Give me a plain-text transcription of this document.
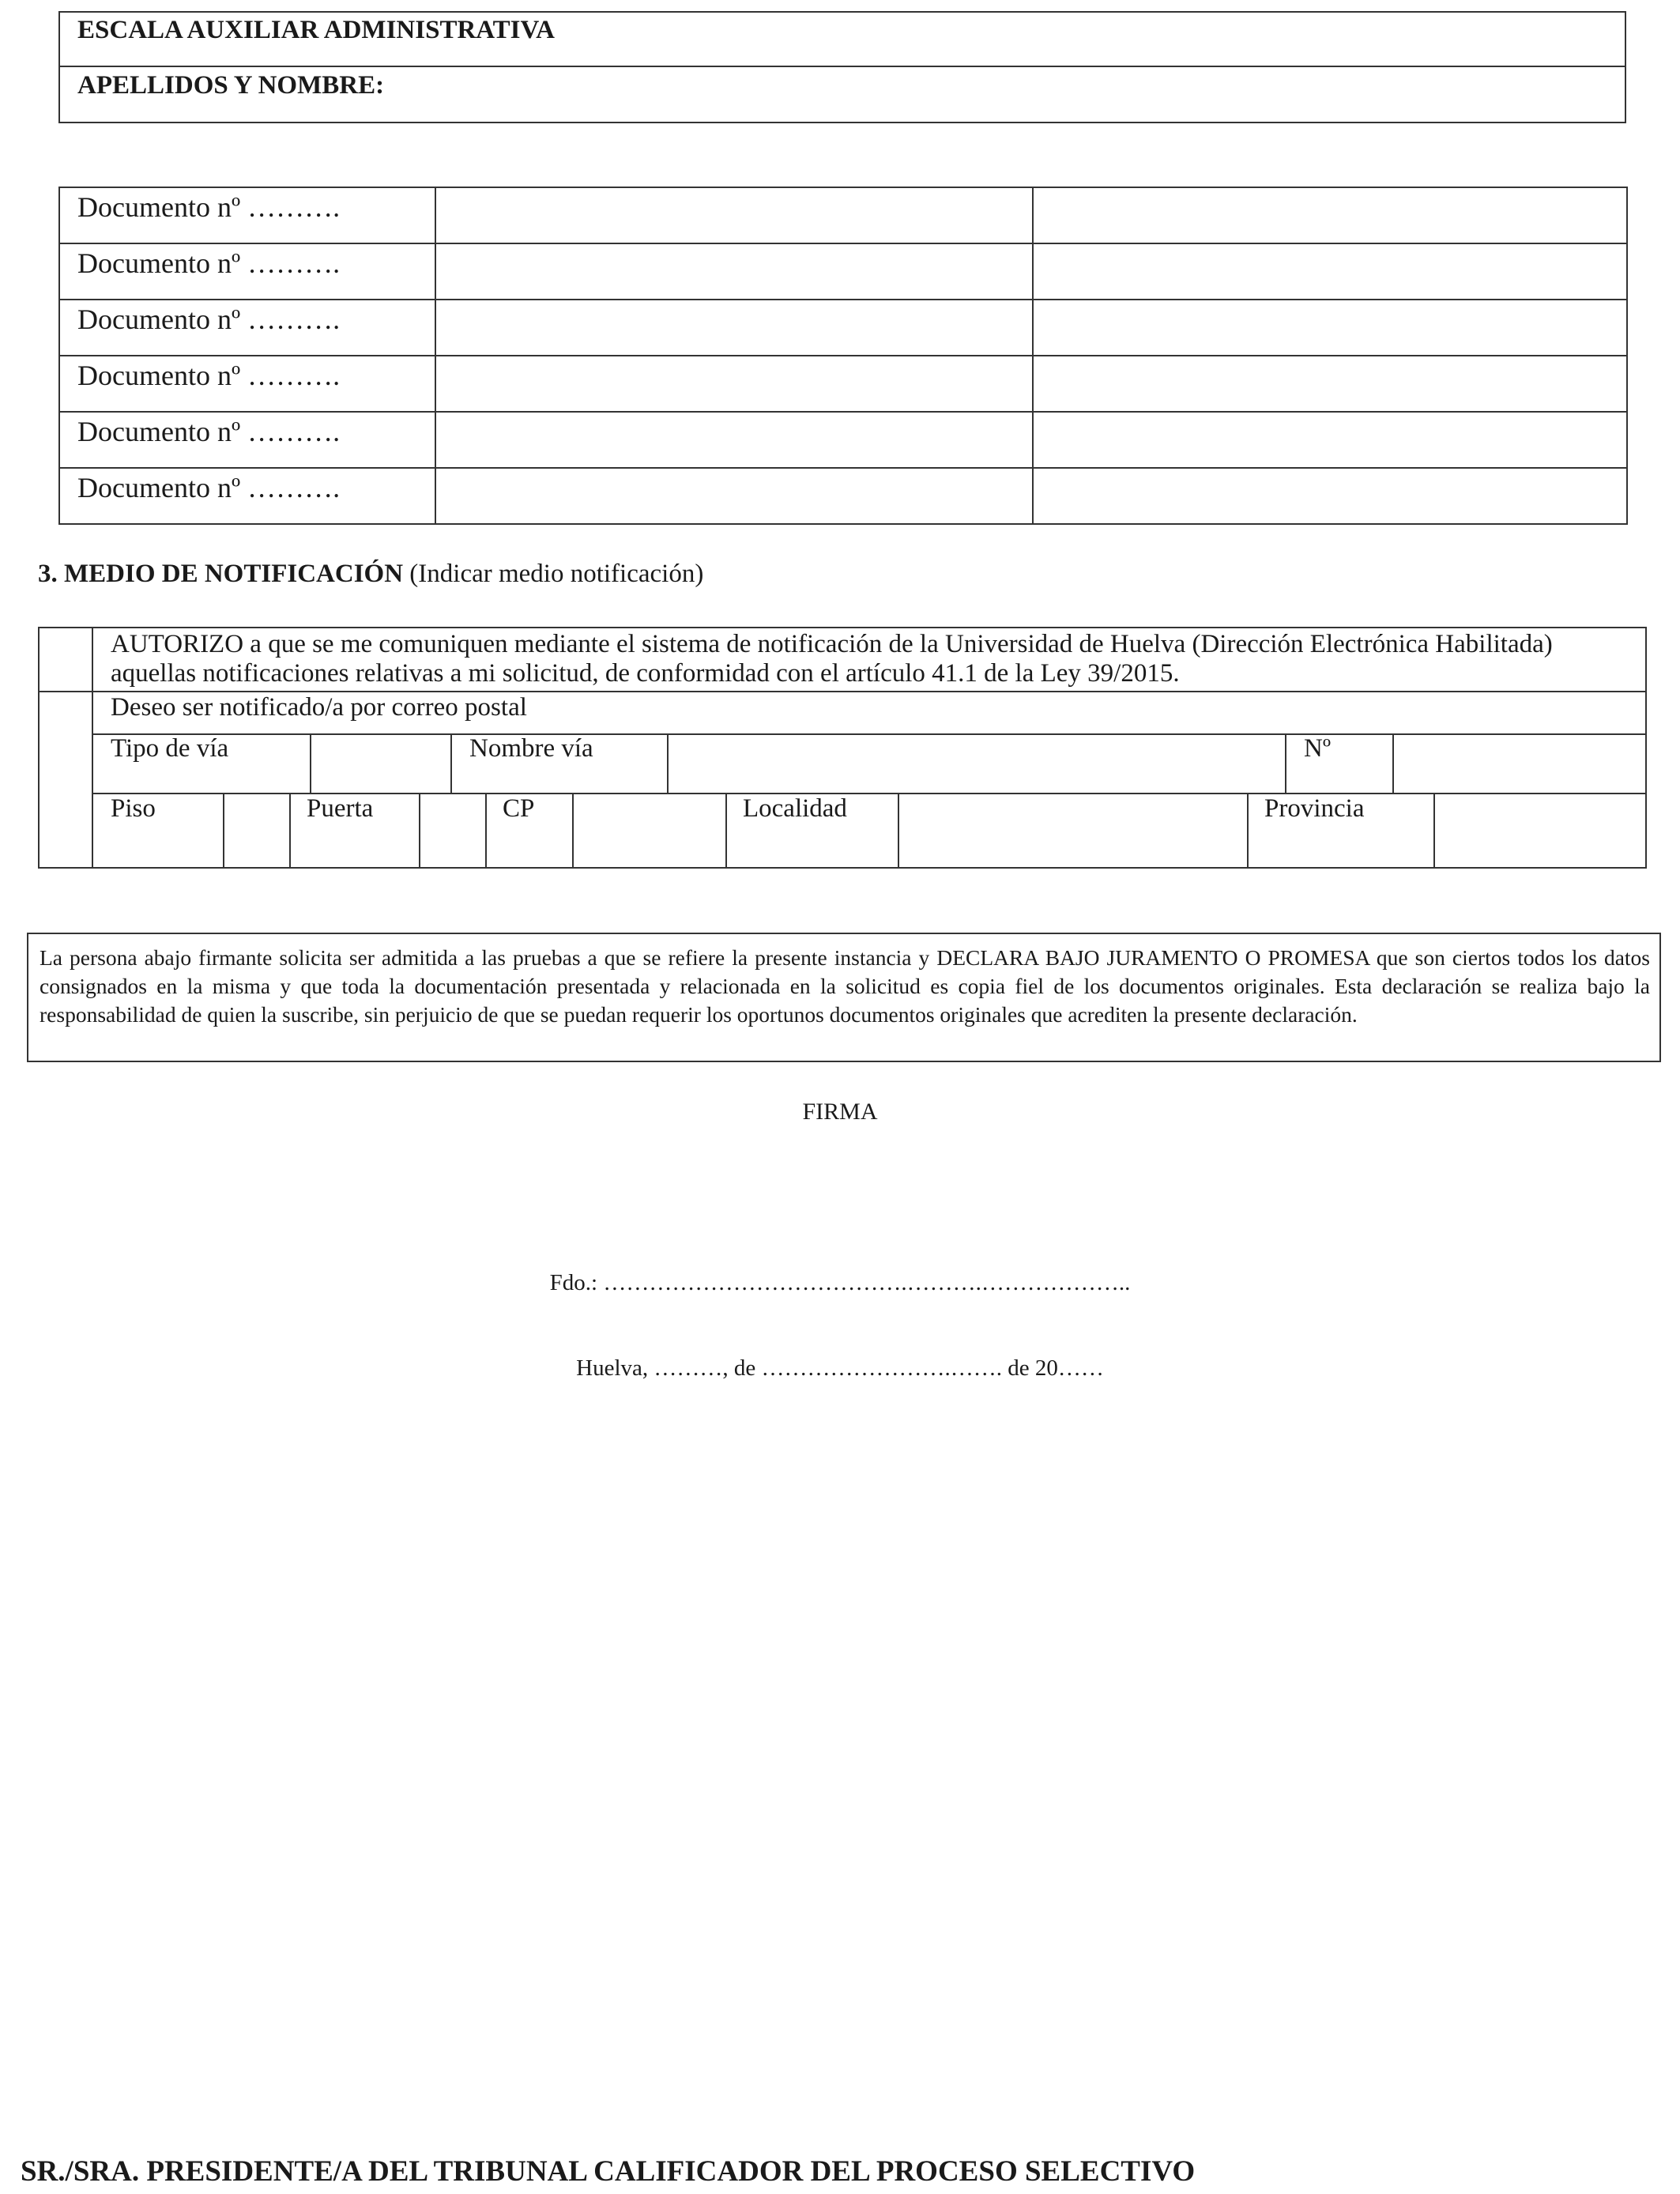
ESCALA AUXILIAR ADMINISTRATIVA
APELLIDOS Y NOMBRE:
Documento nº ……….		
Documento nº ……….		
Documento nº ……….		
Documento nº ……….		
Documento nº ……….		
Documento nº ……….		
3. MEDIO DE NOTIFICACIÓN (Indicar medio notificación)
AUTORIZO a que se me comuniquen mediante el sistema de notificación de la Universidad de Huelva (Dirección Electrónica Habilitada)
aquellas notificaciones relativas a mi solicitud, de conformidad con el artículo 41.1 de la Ley 39/2015.
Deseo ser notificado/a por correo postal
Tipo de vía	Nombre vía	Nº
Piso	Puerta	CP	Localidad	Provincia
La persona abajo firmante solicita ser admitida a las pruebas a que se refiere la presente instancia y DECLARA BAJO JURAMENTO O PROMESA que son ciertos todos los datos consignados en la misma y que toda la documentación presentada y relacionada en la solicitud es copia fiel de los documentos originales. Esta declaración se realiza bajo la responsabilidad de quien la suscribe, sin perjuicio de que se puedan requerir los oportunos documentos originales que acrediten la presente declaración.
FIRMA
Fdo.: ………………………………….……….………………..
Huelva, ………, de …………………….……. de 20……
SR./SRA. PRESIDENTE/A DEL TRIBUNAL CALIFICADOR DEL PROCESO SELECTIVO
